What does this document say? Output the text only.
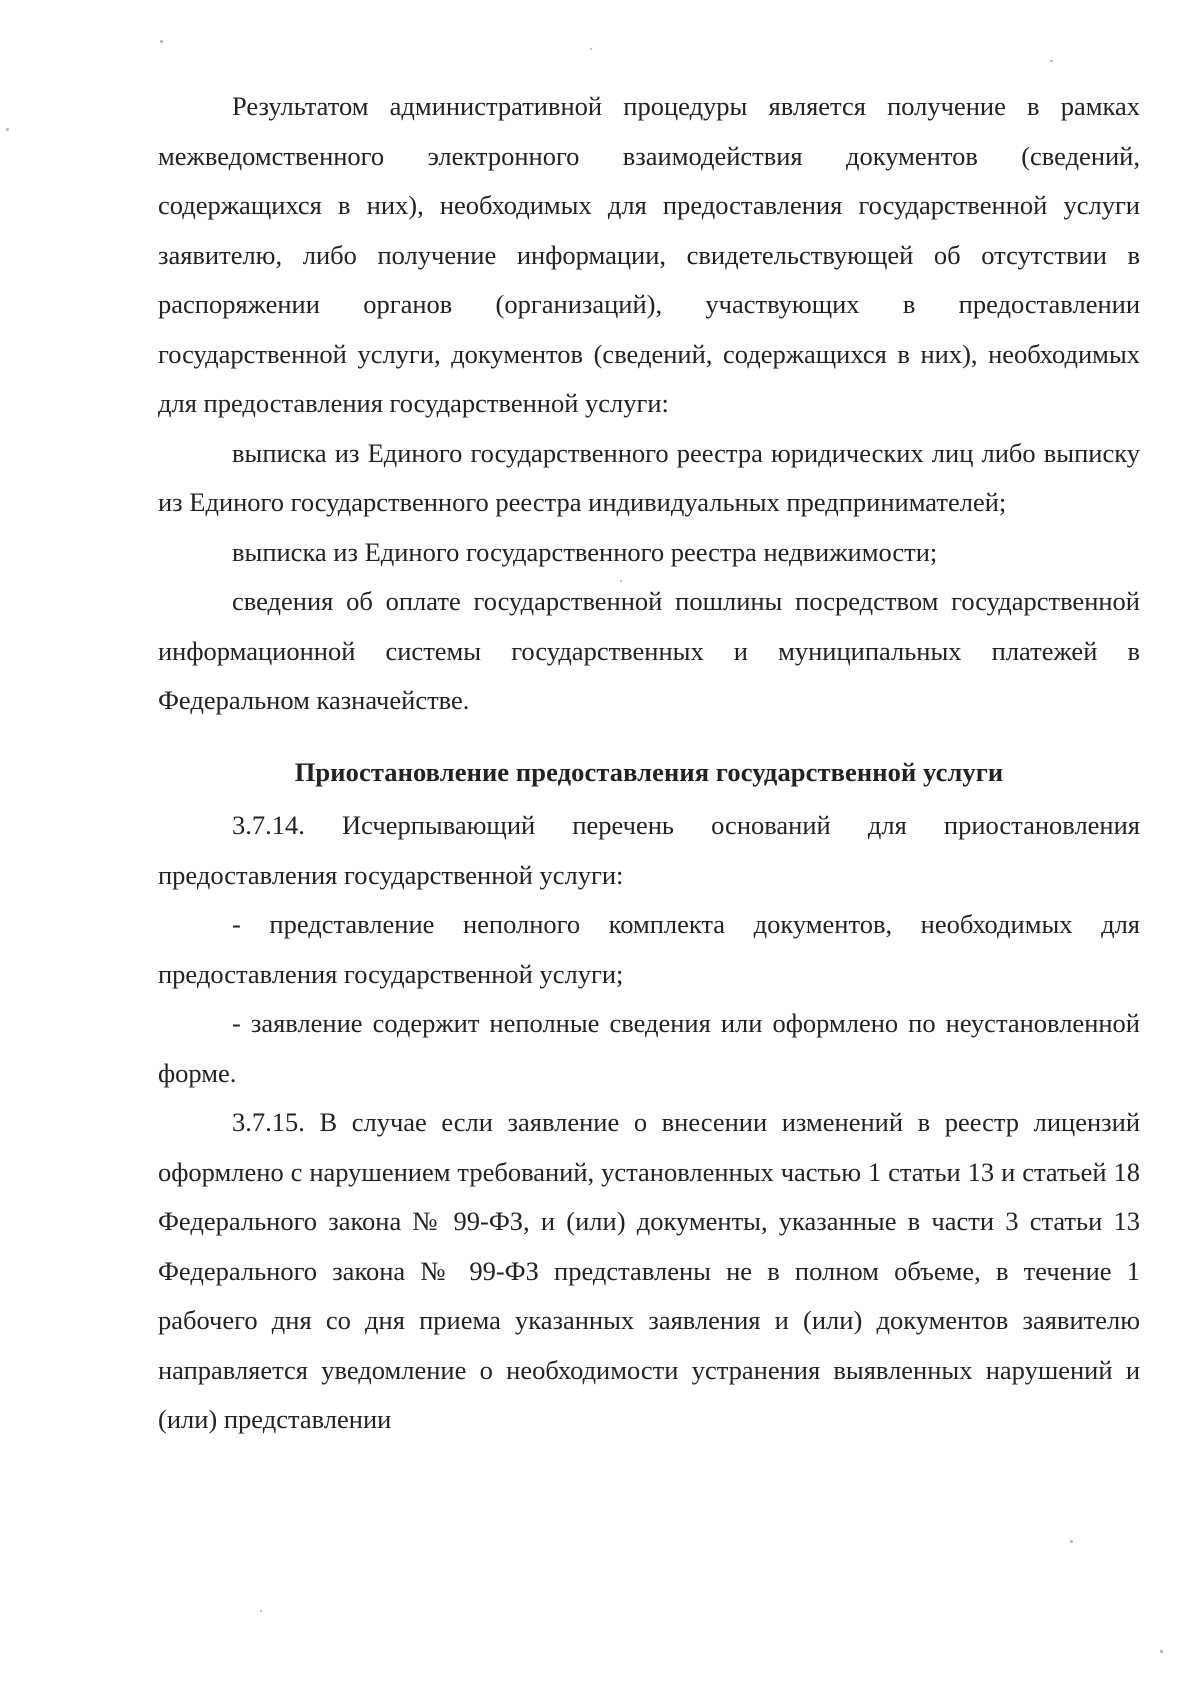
Результатом административной процедуры является получение в рамках межведомственного электронного взаимодействия документов (сведений, содержащихся в них), необходимых для предоставления государственной услуги заявителю, либо получение информации, свидетельствующей об отсутствии в распоряжении органов (организаций), участвующих в предоставлении государственной услуги, документов (сведений, содержащихся в них), необходимых для предоставления государственной услуги:

выписка из Единого государственного реестра юридических лиц либо выписку из Единого государственного реестра индивидуальных предпринимателей;

выписка из Единого государственного реестра недвижимости;

сведения об оплате государственной пошлины посредством государственной информационной системы государственных и муниципальных платежей в Федеральном казначействе.

Приостановление предоставления государственной услуги

3.7.14. Исчерпывающий перечень оснований для приостановления предоставления государственной услуги:

- представление неполного комплекта документов, необходимых для предоставления государственной услуги;

- заявление содержит неполные сведения или оформлено по неустановленной форме.

3.7.15. В случае если заявление о внесении изменений в реестр лицензий оформлено с нарушением требований, установленных частью 1 статьи 13 и статьей 18 Федерального закона № 99-ФЗ, и (или) документы, указанные в части 3 статьи 13 Федерального закона № 99-ФЗ представлены не в полном объеме, в течение 1 рабочего дня со дня приема указанных заявления и (или) документов заявителю направляется уведомление о необходимости устранения выявленных нарушений и (или) представлении
